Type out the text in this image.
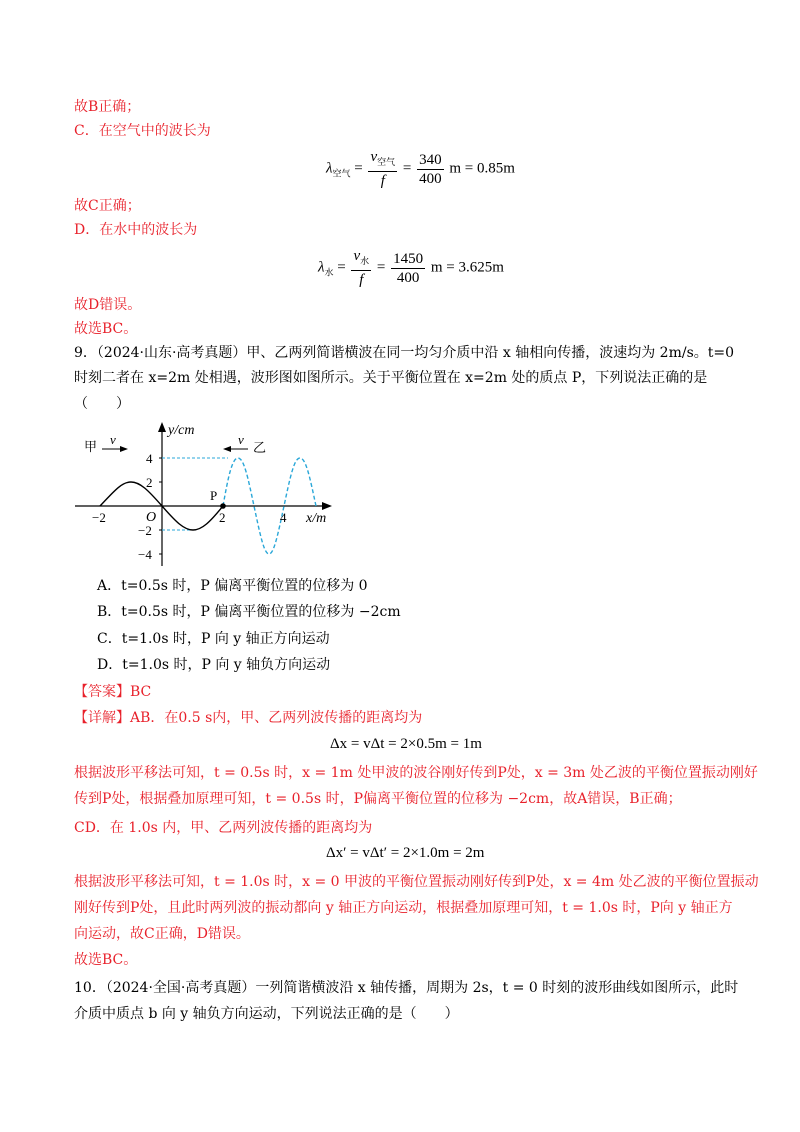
故B正确；
C．在空气中的波长为
$\lambda_{空气} = \frac{v_{空气}}{f} = \frac{340}{400}$ m = 0.85m
故C正确；
D．在水中的波长为
$\lambda_水 = \frac{v_水}{f} = \frac{1450}{400}$ m = 3.625m
故D错误。
故选BC。
9．（2024·山东·高考真题）甲、乙两列简谐横波在同一均匀介质中沿 x 轴相向传播，波速均为 2m/s。t=0
时刻二者在 x=2m 处相遇，波形图如图所示。关于平衡位置在 x=2m 处的质点 P，下列说法正确的是
（　　）
y/cm
x/m
O
P
4
2
−2
−4
−2	2	4
甲 v	v
乙
A．t=0.5s 时，P 偏离平衡位置的位移为 0
B．t=0.5s 时，P 偏离平衡位置的位移为 −2cm
C．t=1.0s 时，P 向 y 轴正方向运动
D．t=1.0s 时，P 向 y 轴负方向运动
【答案】BC
【详解】AB．在0.5 s内，甲、乙两列波传播的距离均为
Δx = vΔt = 2×0.5m = 1m
根据波形平移法可知，t = 0.5s 时，x = 1m 处甲波的波谷刚好传到P处，x = 3m 处乙波的平衡位置振动刚好
传到P处，根据叠加原理可知，t = 0.5s 时，P偏离平衡位置的位移为 −2cm，故A错误，B正确；
CD．在 1.0s 内，甲、乙两列波传播的距离均为
Δx′ = vΔt′ = 2×1.0m = 2m
根据波形平移法可知，t = 1.0s 时，x = 0 甲波的平衡位置振动刚好传到P处，x = 4m 处乙波的平衡位置振动
刚好传到P处，且此时两列波的振动都向 y 轴正方向运动，根据叠加原理可知，t = 1.0s 时，P向 y 轴正方
向运动，故C正确，D错误。
故选BC。
10．（2024·全国·高考真题）一列简谐横波沿 x 轴传播，周期为 2s，t = 0 时刻的波形曲线如图所示，此时
介质中质点 b 向 y 轴负方向运动，下列说法正确的是（　　）
